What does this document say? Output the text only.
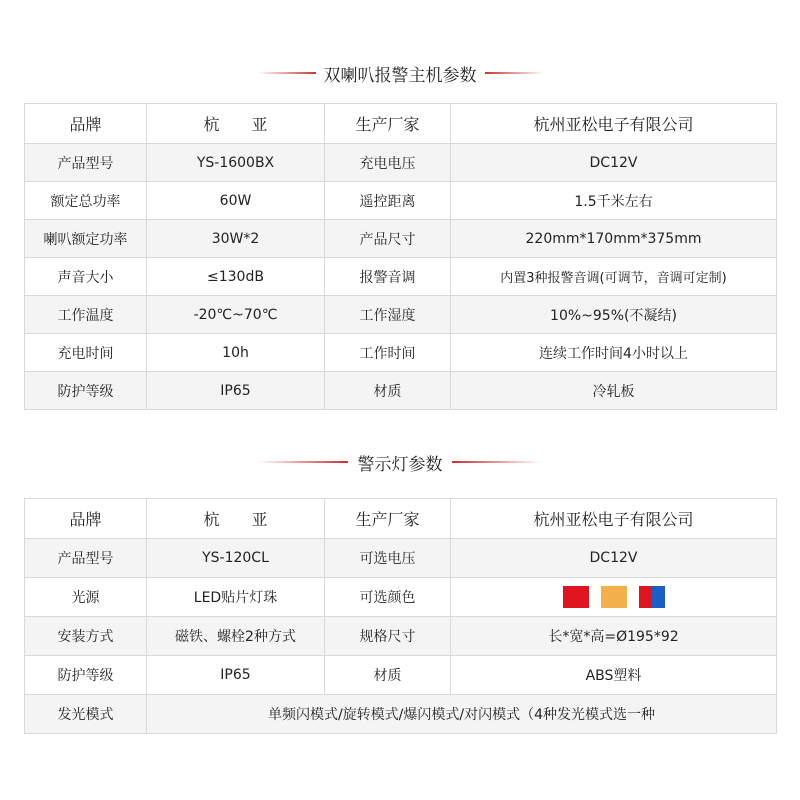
双喇叭报警主机参数
品牌	杭　　亚	生产厂家	杭州亚松电子有限公司
产品型号	YS-1600BX	充电电压	DC12V
额定总功率	60W	遥控距离	1.5千米左右
喇叭额定功率	30W*2	产品尺寸	220mm*170mm*375mm
声音大小	≤130dB	报警音调	内置3种报警音调(可调节，音调可定制)
工作温度	-20℃~70℃	工作湿度	10%~95%(不凝结)
充电时间	10h	工作时间	连续工作时间4小时以上
防护等级	IP65	材质	冷轧板
警示灯参数
品牌	杭　　亚	生产厂家	杭州亚松电子有限公司
产品型号	YS-120CL	可选电压	DC12V
光源	LED贴片灯珠	可选颜色	

安装方式	磁铁、螺栓2种方式	规格尺寸	长*宽*高=Ø195*92
防护等级	IP65	材质	ABS塑料
发光模式	单频闪模式/旋转模式/爆闪模式/对闪模式（4种发光模式选一种		
